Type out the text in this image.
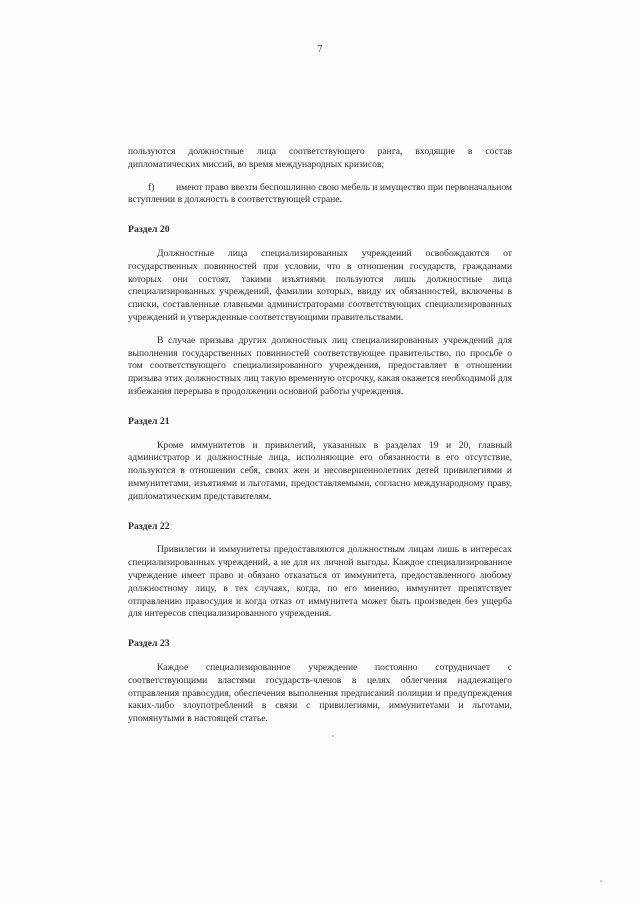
7

пользуются должностные лица соответствующего ранга, входящие в состав дипломатических миссий, во время международных кризисов;

f) имеют право ввезти беспошлинно свою мебель и имущество при первоначальном вступлении в должность в соответствующей стране.

Раздел 20

Должностные лица специализированных учреждений освобождаются от государственных повинностей при условии, что в отношении государств, гражданами которых они состоят, такими изъятиями пользуются лишь должностные лица специализированных учреждений, фамилии которых, ввиду их обязанностей, включены в списки, составленные главными администраторами соответствующих специализированных учреждений и утвержденные соответствующими правительствами.

В случае призыва других должностных лиц специализированных учреждений для выполнения государственных повинностей соответствующее правительство, по просьбе о том соответствующего специализированного учреждения, предоставляет в отношении призыва этих должностных лиц такую временную отсрочку, какая окажется необходимой для избежания перерыва в продолжении основной работы учреждения.

Раздел 21

Кроме иммунитетов и привилегий, указанных в разделах 19 и 20, главный администратор и должностные лица, исполняющие его обязанности в его отсутствие, пользуются в отношении себя, своих жен и несовершеннолетних детей привилегиями и иммунитетами, изъятиями и льготами, предоставляемыми, согласно международному праву, дипломатическим представителям.

Раздел 22

Привилегии и иммунитеты предоставляются должностным лицам лишь в интересах специализированных учреждений, а не для их личной выгоды. Каждое специализированное учреждение имеет право и обязано отказаться от иммунитета, предоставленного любому должностному лицу, в тех случаях, когда, по его мнению, иммунитет препятствует отправлению правосудия и когда отказ от иммунитета может быть произведен без ущерба для интересов специализированного учреждения.

Раздел 23

Каждое специализированное учреждение постоянно сотрудничает с соответствующими властями государств-членов в целях облегчения надлежащего отправления правосудия, обеспечения выполнения предписаний полиции и предупреждения каких-либо злоупотреблений в связи с привилегиями, иммунитетами и льготами, упомянутыми в настоящей статье.
